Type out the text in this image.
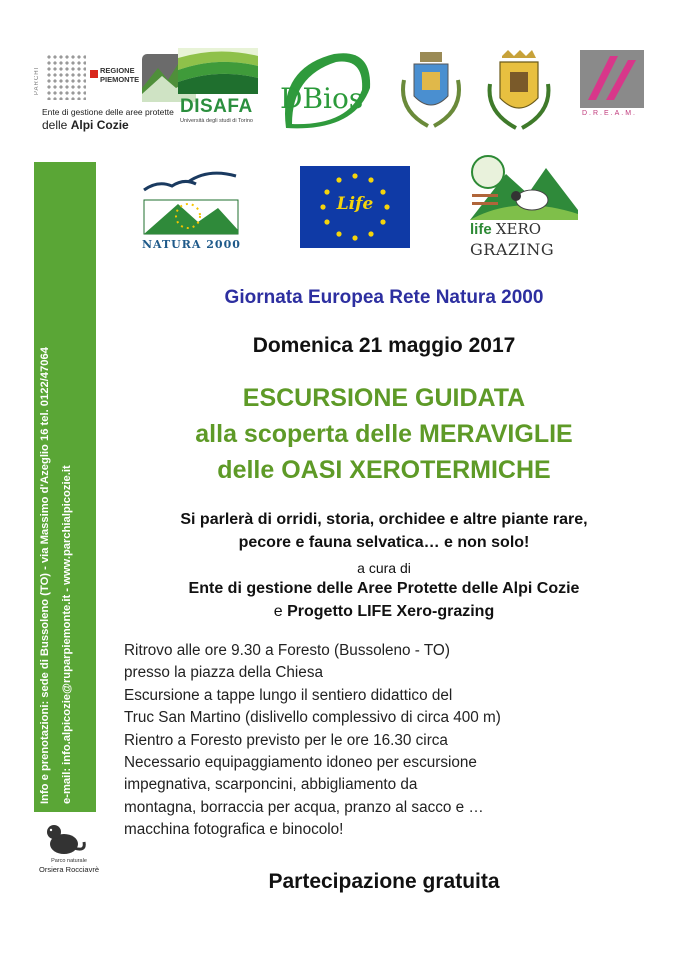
PARCHI	REGIONE PIEMONTE
Ente di gestione delle aree protette
delle Alpi Cozie
DISAFA
Università degli studi di Torino
DBios	D.R.E.A.M.
NATURA 2000
Life
life XERO
GRAZING
Info e prenotazioni: sede di Bussoleno (TO) - via Massimo d'Azeglio 16 tel. 0122/47064 e-mail: info.alpicozie@ruparpiemonte.it - www.parchialpicozie.it
Parco naturale
Orsiera Rocciavrè
Giornata Europea Rete Natura 2000
Domenica 21 maggio 2017
ESCURSIONE GUIDATA
alla scoperta delle MERAVIGLIE
delle OASI XEROTERMICHE
Si parlerà di orridi, storia, orchidee e altre piante rare,
pecore e fauna selvatica… e non solo!
a cura di
Ente di gestione delle Aree Protette delle Alpi Cozie
e Progetto LIFE Xero-grazing
Ritrovo alle ore 9.30 a Foresto (Bussoleno - TO)
presso la piazza della Chiesa
Escursione a tappe lungo il sentiero didattico del
Truc San Martino (dislivello complessivo di circa 400 m)
Rientro a Foresto previsto per le ore 16.30 circa
Necessario equipaggiamento idoneo per escursione
impegnativa, scarponcini, abbigliamento da
montagna, borraccia per acqua, pranzo al sacco e …
macchina fotografica e binocolo!
Partecipazione gratuita
